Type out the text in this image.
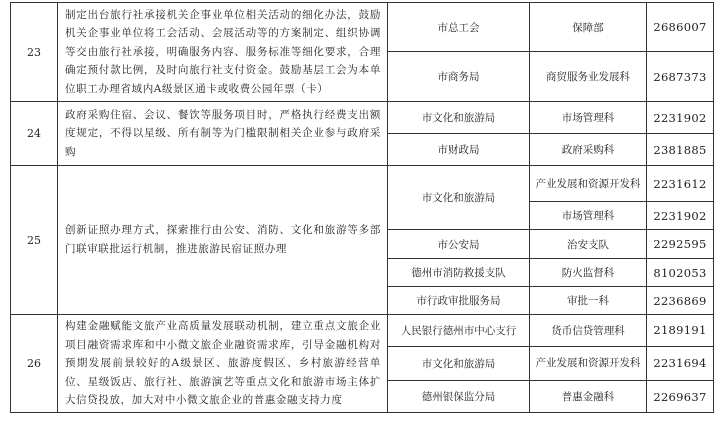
23	制定出台旅行社承接机关企事业单位相关活动的细化办法，鼓励机关企事业单位将工会活动、会展活动等的方案制定、组织协调等交由旅行社承接，明确服务内容、服务标准等细化要求，合理确定预付款比例，及时向旅行社支付资金。鼓励基层工会为本单位职工办理省域内A级景区通卡或收费公园年票（卡）	市总工会	保障部	2686007
		市商务局	商贸服务业发展科	2687373
24	政府采购住宿、会议、餐饮等服务项目时，严格执行经费支出额度规定，不得以星级、所有制等为门槛限制相关企业参与政府采购	市文化和旅游局	市场管理科	2231902
		市财政局	政府采购科	2381885
25	创新证照办理方式，探索推行由公安、消防、文化和旅游等多部门联审联批运行机制，推进旅游民宿证照办理	市文化和旅游局	产业发展和资源开发科	2231612
			市场管理科	2231902
		市公安局	治安支队	2292595
		德州市消防救援支队	防火监督科	8102053
		市行政审批服务局	审批一科	2236869
26	构建金融赋能文旅产业高质量发展联动机制，建立重点文旅企业项目融资需求库和中小微文旅企业融资需求库，引导金融机构对预期发展前景较好的A级景区、旅游度假区、乡村旅游经营单位、星级饭店、旅行社、旅游演艺等重点文化和旅游市场主体扩大信贷投放，加大对中小微文旅企业的普惠金融支持力度	人民银行德州市中心支行	货币信贷管理科	2189191
		市文化和旅游局	产业发展和资源开发科	2231694
		德州银保监分局	普惠金融科	2269637
